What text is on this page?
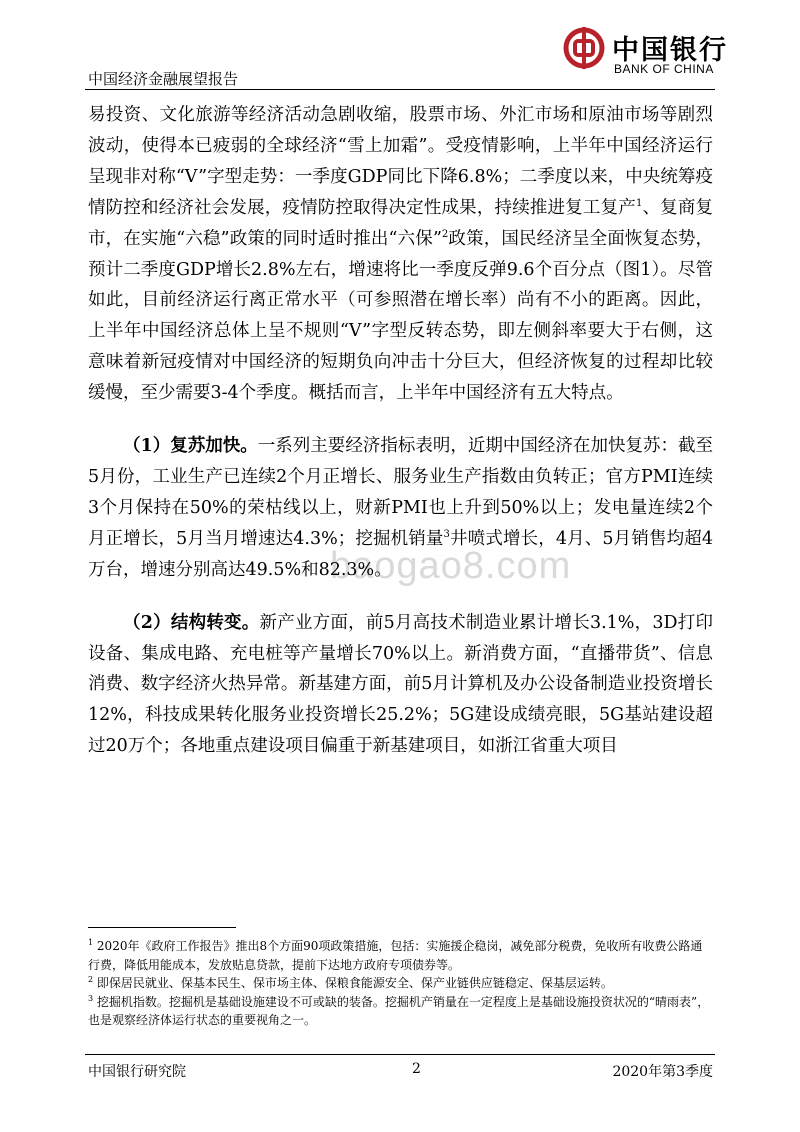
中国银行
BANK OF CHINA
中国经济金融展望报告
baogao8.com

易投资、文化旅游等经济活动急剧收缩，股票市场、外汇市场和原油市场等剧烈波动，使得本已疲弱的全球经济“雪上加霜”。受疫情影响，上半年中国经济运行呈现非对称“V”字型走势：一季度GDP同比下降6.8%；二季度以来，中央统筹疫情防控和经济社会发展，疫情防控取得决定性成果，持续推进复工复产$^1$、复商复市，在实施“六稳”政策的同时适时推出“六保”$^2$政策，国民经济呈全面恢复态势，预计二季度GDP增长2.8%左右，增速将比一季度反弹9.6个百分点（图1）。尽管如此，目前经济运行离正常水平（可参照潜在增长率）尚有不小的距离。因此，上半年中国经济总体上呈不规则“V”字型反转态势，即左侧斜率要大于右侧，这意味着新冠疫情对中国经济的短期负向冲击十分巨大，但经济恢复的过程却比较缓慢，至少需要3-4个季度。概括而言，上半年中国经济有五大特点。

（1）复苏加快。一系列主要经济指标表明，近期中国经济在加快复苏：截至5月份，工业生产已连续2个月正增长、服务业生产指数由负转正；官方PMI连续3个月保持在50%的荣枯线以上，财新PMI也上升到50%以上；发电量连续2个月正增长，5月当月增速达4.3%；挖掘机销量$^3$井喷式增长，4月、5月销售均超4万台，增速分别高达49.5%和82.3%。

（2）结构转变。新产业方面，前5月高技术制造业累计增长3.1%，3D打印设备、集成电路、充电桩等产量增长70%以上。新消费方面，“直播带货”、信息消费、数字经济火热异常。新基建方面，前5月计算机及办公设备制造业投资增长12%，科技成果转化服务业投资增长25.2%；5G建设成绩亮眼，5G基站建设超过20万个；各地重点建设项目偏重于新基建项目，如浙江省重大项目

$^1$ 2020年《政府工作报告》推出8个方面90项政策措施，包括：实施援企稳岗，减免部分税费，免收所有收费公路通行费，降低用能成本，发放贴息贷款，提前下达地方政府专项债券等。

$^2$ 即保居民就业、保基本民生、保市场主体、保粮食能源安全、保产业链供应链稳定、保基层运转。

$^3$ 挖掘机指数。挖掘机是基础设施建设不可或缺的装备。挖掘机产销量在一定程度上是基础设施投资状况的“晴雨表”，也是观察经济体运行状态的重要视角之一。

中国银行研究院	2	2020年第3季度
